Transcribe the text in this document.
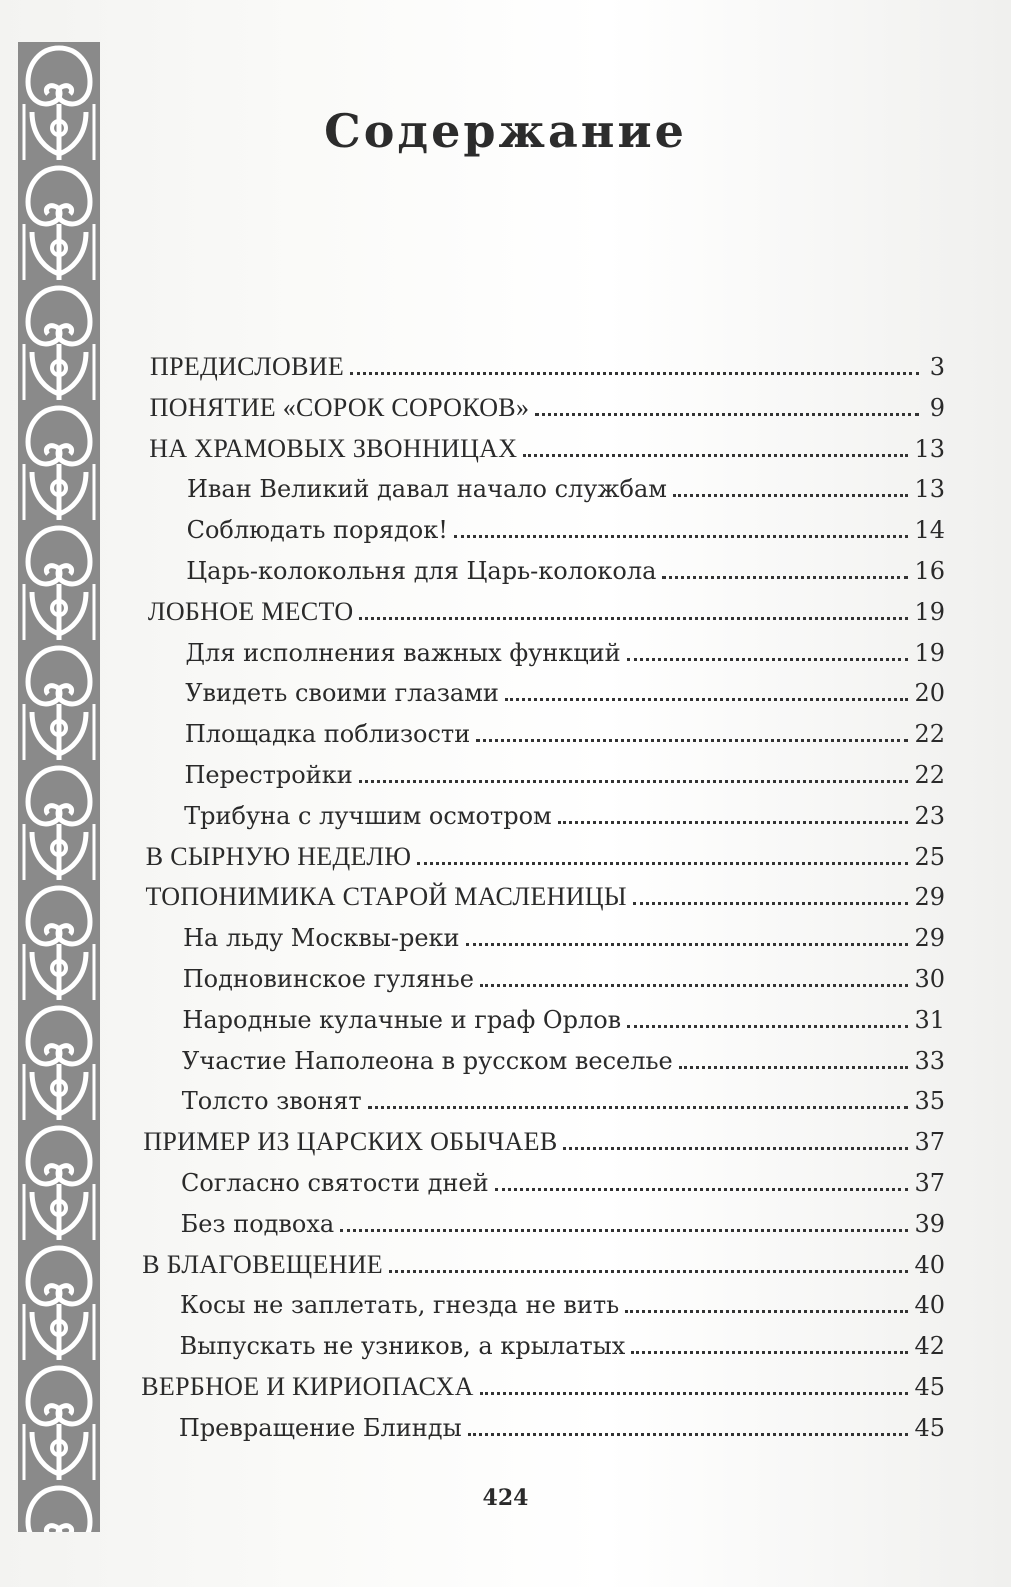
Содержание
ПРЕДИСЛОВИЕ	3
ПОНЯТИЕ «СОРОК СОРОКОВ»	9
НА ХРАМОВЫХ ЗВОННИЦАХ	13
Иван Великий давал начало службам	13
Соблюдать порядок!	14
Царь-колокольня для Царь-колокола	16
ЛОБНОЕ МЕСТО	19
Для исполнения важных функций	19
Увидеть своими глазами	20
Площадка поблизости	22
Перестройки	22
Трибуна с лучшим осмотром	23
В СЫРНУЮ НЕДЕЛЮ	25
ТОПОНИМИКА СТАРОЙ МАСЛЕНИЦЫ	29
На льду Москвы-реки	29
Подновинское гулянье	30
Народные кулачные и граф Орлов	31
Участие Наполеона в русском веселье	33
Толсто звонят	35
ПРИМЕР ИЗ ЦАРСКИХ ОБЫЧАЕВ	37
Согласно святости дней	37
Без подвоха	39
В БЛАГОВЕЩЕНИЕ	40
Косы не заплетать, гнезда не вить	40
Выпускать не узников, а крылатых	42
ВЕРБНОЕ И КИРИОПАСХА	45
Превращение Блинды	45
424
